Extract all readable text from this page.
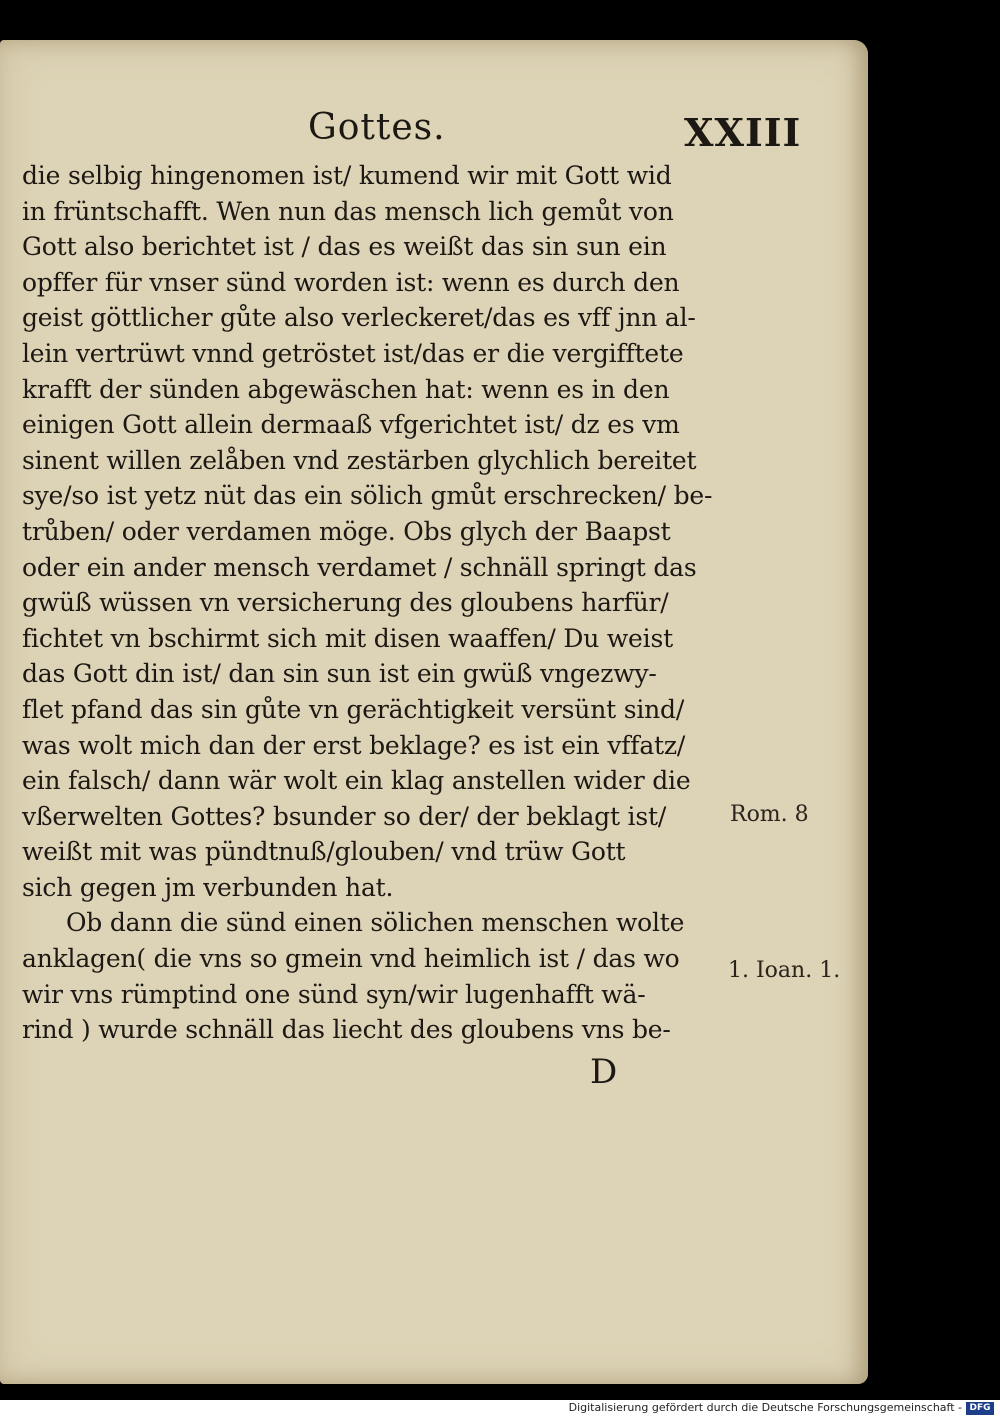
Gottes.	XXIII
die selbig hingenomen ist/ kumend wir mit Gott wid
in früntschafft. Wen nun das mensch lich gemůt von
Gott also berichtet ist / das es weißt das sin sun ein
opffer für vnser sünd worden ist: wenn es durch den
geist göttlicher gůte also verleckeret/das es vff jnn al-
lein vertrüwt vnnd getröstet ist/das er die vergifftete
krafft der sünden abgewäschen hat: wenn es in den
einigen Gott allein dermaaß vfgerichtet ist/ dz es vm
sinent willen zelåben vnd zestärben glychlich bereitet
sye/so ist yetz nüt das ein sölich gmůt erschrecken/ be-
trůben/ oder verdamen möge. Obs glych der Baapst
oder ein ander mensch verdamet / schnäll springt das
gwüß wüssen vn versicherung des gloubens harfür/
fichtet vn bschirmt sich mit disen waaffen/ Du weist
das Gott din ist/ dan sin sun ist ein gwüß vngezwy-
flet pfand das sin gůte vn gerächtigkeit versünt sind/
was wolt mich dan der erst beklage? es ist ein vffatz/
ein falsch/ dann wär wolt ein klag anstellen wider die
vßerwelten Gottes? bsunder so der/ der beklagt ist/
weißt mit was pündtnuß/glouben/ vnd trüw Gott
sich gegen jm verbunden hat.
Ob dann die sünd einen sölichen menschen wolte
anklagen( die vns so gmein vnd heimlich ist / das wo
wir vns rümptind one sünd syn/wir lugenhafft wä-
rind ) wurde schnäll das liecht des gloubens vns be-
Rom. 8
1. Ioan. 1.
D
Digitalisierung gefördert durch die Deutsche Forschungsgemeinschaft - DFG
